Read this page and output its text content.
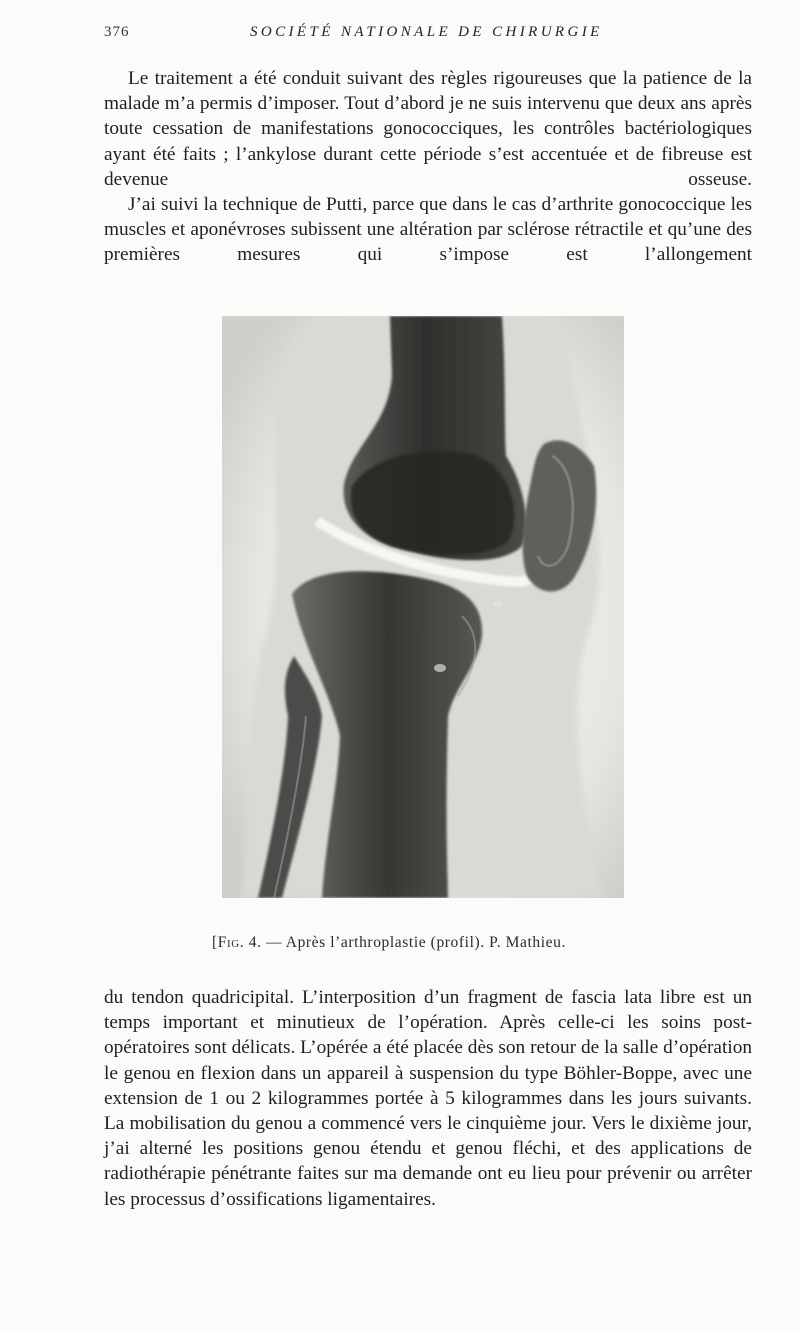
376	SOCIÉTÉ NATIONALE DE CHIRURGIE

Le traitement a été conduit suivant des règles rigoureuses que la patience de la malade m’a permis d’imposer. Tout d’abord je ne suis intervenu que deux ans après toute cessation de manifestations gonococciques, les contrôles bactériologiques ayant été faits ; l’ankylose durant cette période s’est accentuée et de fibreuse est devenue osseuse.

J’ai suivi la technique de Putti, parce que dans le cas d’arthrite gonococcique les muscles et aponévroses subissent une altération par sclérose rétractile et qu’une des premières mesures qui s’impose est l’allongement

[Fig. 4. — Après l’arthroplastie (profil). P. Mathieu.

du tendon quadricipital. L’interposition d’un fragment de fascia lata libre est un temps important et minutieux de l’opération. Après celle-ci les soins post-opératoires sont délicats. L’opérée a été placée dès son retour de la salle d’opération le genou en flexion dans un appareil à suspension du type Böhler-Boppe, avec une extension de 1 ou 2 kilogrammes portée à 5 kilogrammes dans les jours suivants. La mobilisation du genou a commencé vers le cinquième jour. Vers le dixième jour, j’ai alterné les positions genou étendu et genou fléchi, et des applications de radiothérapie pénétrante faites sur ma demande ont eu lieu pour prévenir ou arrêter les processus d’ossifications ligamentaires.
